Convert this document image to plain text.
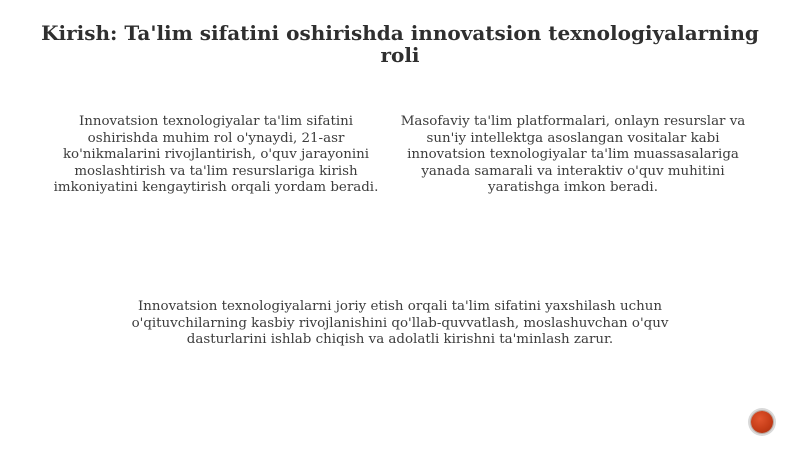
Kirish: Ta'lim sifatini oshirishda innovatsion texnologiyalarning roli

Innovatsion texnologiyalar ta'lim sifatini oshirishda muhim rol o'ynaydi, 21-asr ko'nikmalarini rivojlantirish, o'quv jarayonini moslashtirish va ta'lim resurslariga kirish imkoniyatini kengaytirish orqali yordam beradi.

Masofaviy ta'lim platformalari, onlayn resurslar va sun'iy intellektga asoslangan vositalar kabi innovatsion texnologiyalar ta'lim muassasalariga yanada samarali va interaktiv o'quv muhitini yaratishga imkon beradi.

Innovatsion texnologiyalarni joriy etish orqali ta'lim sifatini yaxshilash uchun o'qituvchilarning kasbiy rivojlanishini qo'llab-quvvatlash, moslashuvchan o'quv dasturlarini ishlab chiqish va adolatli kirishni ta'minlash zarur.
